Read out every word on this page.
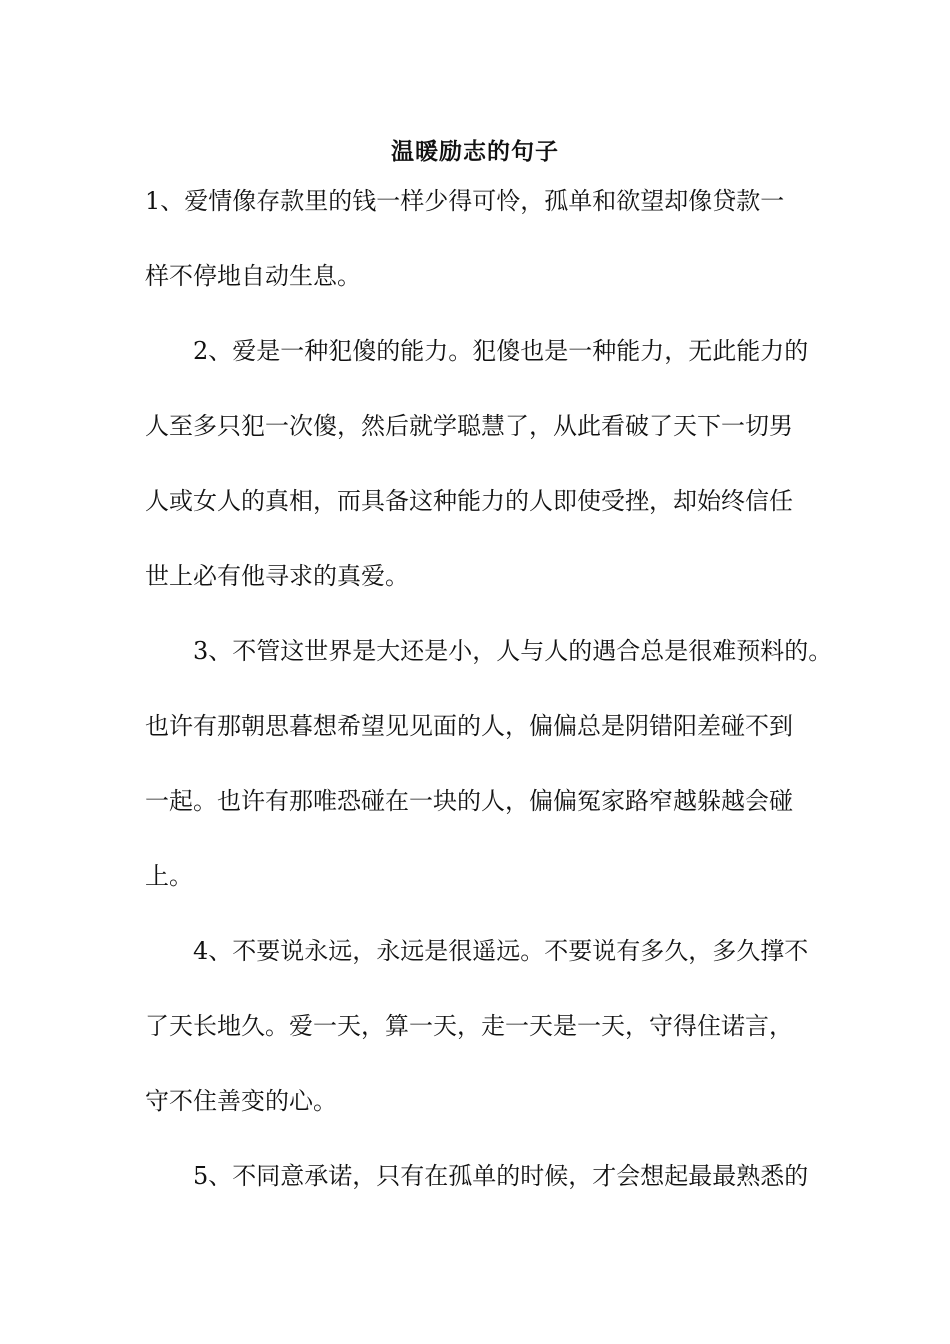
温暖励志的句子
1、爱情像存款里的钱一样少得可怜，孤单和欲望却像贷款一
样不停地自动生息。
　　2、爱是一种犯傻的能力。犯傻也是一种能力，无此能力的
人至多只犯一次傻，然后就学聪慧了，从此看破了天下一切男
人或女人的真相，而具备这种能力的人即使受挫，却始终信任
世上必有他寻求的真爱。
　　3、不管这世界是大还是小，人与人的遇合总是很难预料的。
也许有那朝思暮想希望见见面的人，偏偏总是阴错阳差碰不到
一起。也许有那唯恐碰在一块的人，偏偏冤家路窄越躲越会碰
上。
　　4、不要说永远，永远是很遥远。不要说有多久，多久撑不
了天长地久。爱一天，算一天，走一天是一天，守得住诺言，
守不住善变的心。
　　5、不同意承诺，只有在孤单的时候，才会想起最最熟悉的
